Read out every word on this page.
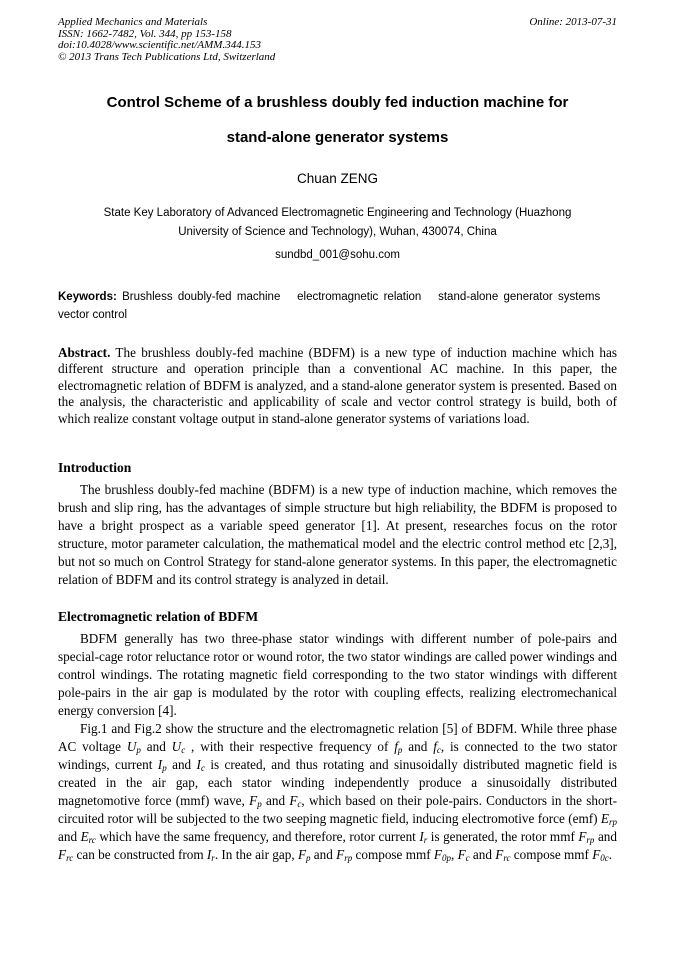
Applied Mechanics and Materials
ISSN: 1662-7482, Vol. 344, pp 153-158
doi:10.4028/www.scientific.net/AMM.344.153
© 2013 Trans Tech Publications Ltd, Switzerland
Online: 2013-07-31
Control Scheme of a brushless doubly fed induction machine for
stand-alone generator systems
Chuan ZENG
State Key Laboratory of Advanced Electromagnetic Engineering and Technology (Huazhong
University of Science and Technology), Wuhan, 430074, China
sundbd_001@sohu.com
Keywords: Brushless doubly-fed machine  electromagnetic relation  stand-alone generator systems  vector control
Abstract. The brushless doubly-fed machine (BDFM) is a new type of induction machine which has different structure and operation principle than a conventional AC machine. In this paper, the electromagnetic relation of BDFM is analyzed, and a stand-alone generator system is presented. Based on the analysis, the characteristic and applicability of scale and vector control strategy is build, both of which realize constant voltage output in stand-alone generator systems of variations load.
Introduction

The brushless doubly-fed machine (BDFM) is a new type of induction machine, which removes the brush and slip ring, has the advantages of simple structure but high reliability, the BDFM is proposed to have a bright prospect as a variable speed generator [1]. At present, researches focus on the rotor structure, motor parameter calculation, the mathematical model and the electric control method etc [2,3], but not so much on Control Strategy for stand-alone generator systems. In this paper, the electromagnetic relation of BDFM and its control strategy is analyzed in detail.

Electromagnetic relation of BDFM

BDFM generally has two three-phase stator windings with different number of pole-pairs and special-cage rotor reluctance rotor or wound rotor, the two stator windings are called power windings and control windings. The rotating magnetic field corresponding to the two stator windings with different pole-pairs in the air gap is modulated by the rotor with coupling effects, realizing electromechanical energy conversion [4].

Fig.1 and Fig.2 show the structure and the electromagnetic relation [5] of BDFM. While three phase AC voltage $U_p$ and $U_c$ , with their respective frequency of $f_p$ and $f_c$, is connected to the two stator windings, current $I_p$ and $I_c$ is created, and thus rotating and sinusoidally distributed magnetic field is created in the air gap, each stator winding independently produce a sinusoidally distributed magnetomotive force (mmf) wave, $F_p$ and $F_c$, which based on their pole-pairs. Conductors in the short-circuited rotor will be subjected to the two seeping magnetic field, inducing electromotive force (emf) $E_{rp}$ and $E_{rc}$ which have the same frequency, and therefore, rotor current $I_r$ is generated, the rotor mmf $F_{rp}$ and $F_{rc}$ can be constructed from $I_r$. In the air gap, $F_p$ and $F_{rp}$ compose mmf $F_{0p}$, $F_c$ and $F_{rc}$ compose mmf $F_{0c}$.
